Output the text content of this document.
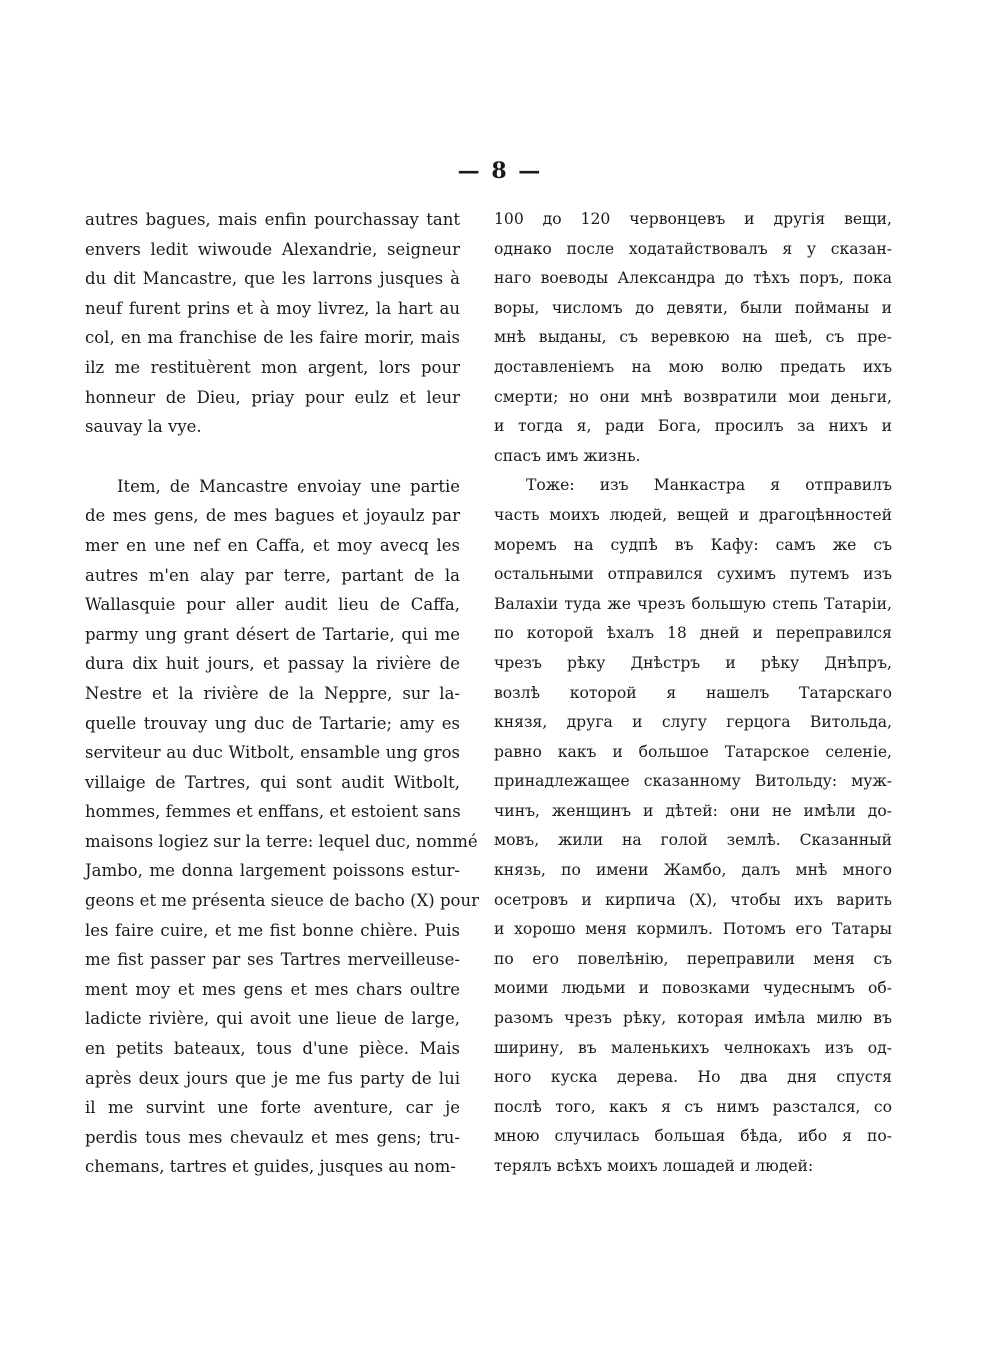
— 8 —
autres bagues, mais enfin pourchassay tant
envers ledit wiwoude Alexandrie, seigneur
du dit Mancastre, que les larrons jusques à
neuf furent prins et à moy livrez, la hart au
col, en ma franchise de les faire morir, mais
ilz me restituèrent mon argent, lors pour
honneur de Dieu, priay pour eulz et leur
sauvay la vye.
Item, de Mancastre envoiay une partie
de mes gens, de mes bagues et joyaulz par
mer en une nef en Caffa, et moy avecq les
autres m'en alay par terre, partant de la
Wallasquie pour aller audit lieu de Caffa,
parmy ung grant désert de Tartarie, qui me
dura dix huit jours, et passay la rivière de
Nestre et la rivière de la Neppre, sur la-
quelle trouvay ung duc de Tartarie; amy es
serviteur au duc Witbolt, ensamble ung gros
villaige de Tartres, qui sont audit Witbolt,
hommes, femmes et enffans, et estoient sans
maisons logiez sur la terre: lequel duc, nommé
Jambo, me donna largement poissons estur-
geons et me présenta sieuce de bacho (X) pour
les faire cuire, et me fist bonne chière. Puis
me fist passer par ses Tartres merveilleuse-
ment moy et mes gens et mes chars oultre
ladicte rivière, qui avoit une lieue de large,
en petits bateaux, tous d'une pièce. Mais
après deux jours que je me fus party de lui
il me survint une forte aventure, car je
perdis tous mes chevaulz et mes gens; tru-
chemans, tartres et guides, jusques au nom-
100 до 120 червонцевъ и другія вещи,
однако после ходатайствовалъ я у сказан-
наго воеводы Александра до тѣхъ поръ, пока
воры, числомъ до девяти, были пойманы и
мнѣ выданы, съ веревкою на шеѣ, съ пре-
доставленіемъ на мою волю предать ихъ
смерти; но они мнѣ возвратили мои деньги,
и тогда я, ради Бога, просилъ за нихъ и
спасъ имъ жизнь.
Тоже: изъ Манкастра я отправилъ
часть моихъ людей, вещей и драгоцѣнностей
моремъ на судпѣ въ Кафу: самъ же съ
остальными отправился сухимъ путемъ изъ
Валахіи туда же чрезъ большую степь Татаріи,
по которой ѣхалъ 18 дней и переправился
чрезъ рѣку Днѣстръ и рѣку Днѣпръ,
возлѣ которой я нашелъ Татарскаго
князя, друга и слугу герцога Витольда,
равно какъ и большое Татарское селеніе,
принадлежащее сказанному Витольду: муж-
чинъ, женщинъ и дѣтей: они не имѣли до-
мовъ, жили на голой землѣ. Сказанный
князь, по имени Жамбо, далъ мнѣ много
осетровъ и кирпича (X), чтобы ихъ варить
и хорошо меня кормилъ. Потомъ его Татары
по его повелѣнію, переправили меня съ
моими людьми и повозками чудеснымъ об-
разомъ чрезъ рѣку, которая имѣла милю въ
ширину, въ маленькихъ челнокахъ изъ од-
ного куска дерева. Но два дня спустя
послѣ того, какъ я съ нимъ разстался, со
мною случилась большая бѣда, ибо я по-
терялъ всѣхъ моихъ лошадей и людей:
